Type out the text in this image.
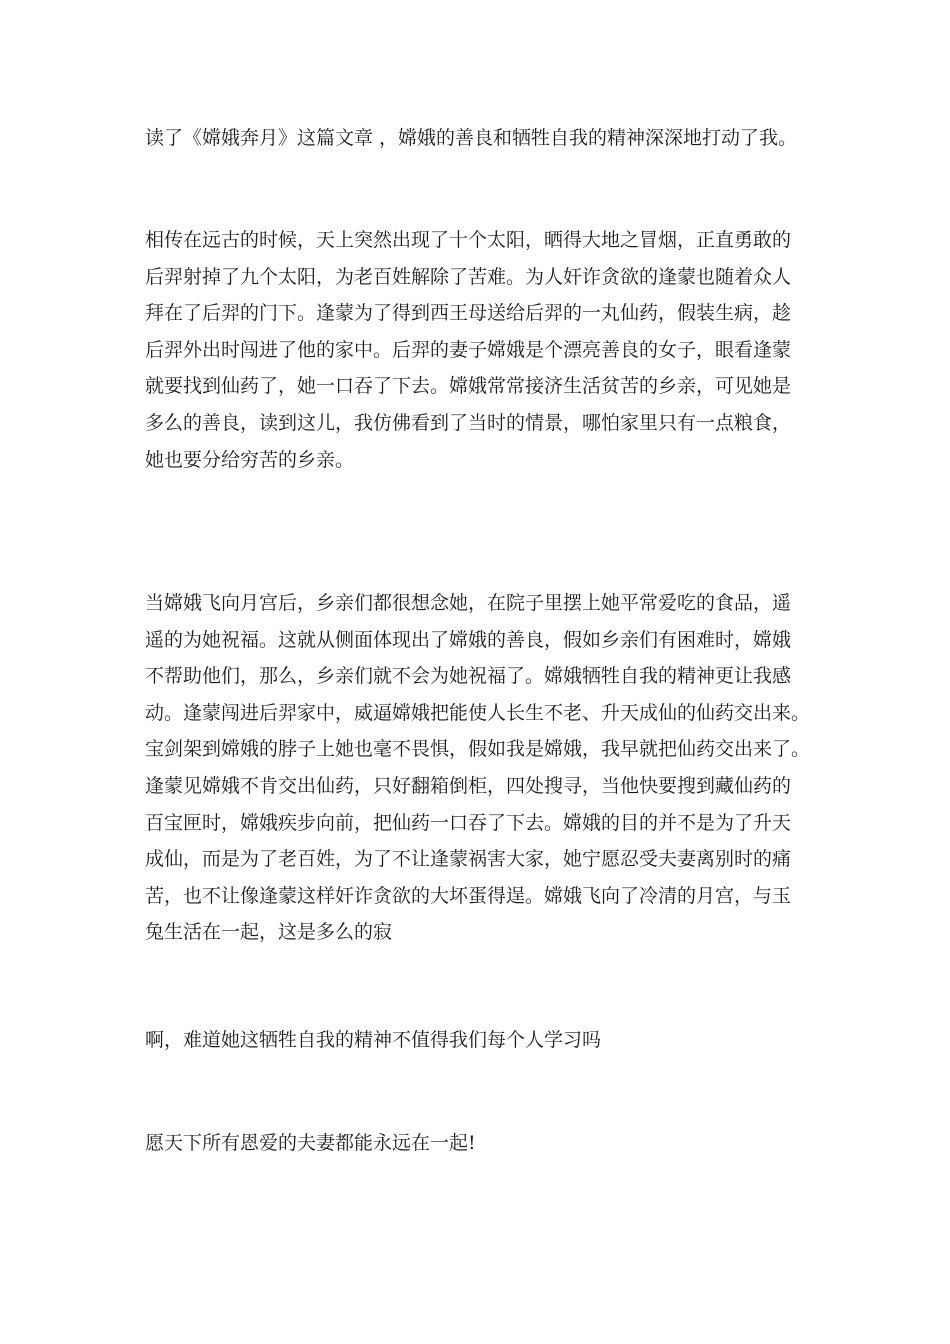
读了《嫦娥奔月》这篇文章 ，嫦娥的善良和牺牲自我的精神深深地打动了我。

相传在远古的时候，天上突然出现了十个太阳，晒得大地之冒烟，正直勇敢的
后羿射掉了九个太阳，为老百姓解除了苦难。为人奸诈贪欲的逢蒙也随着众人
拜在了后羿的门下。逢蒙为了得到西王母送给后羿的一丸仙药，假装生病，趁
后羿外出时闯进了他的家中。后羿的妻子嫦娥是个漂亮善良的女子，眼看逢蒙
就要找到仙药了，她一口吞了下去。嫦娥常常接济生活贫苦的乡亲，可见她是
多么的善良，读到这儿，我仿佛看到了当时的情景，哪怕家里只有一点粮食，
她也要分给穷苦的乡亲。

当嫦娥飞向月宫后，乡亲们都很想念她，在院子里摆上她平常爱吃的食品，遥
遥的为她祝福。这就从侧面体现出了嫦娥的善良，假如乡亲们有困难时，嫦娥
不帮助他们，那么，乡亲们就不会为她祝福了。嫦娥牺牲自我的精神更让我感
动。逢蒙闯进后羿家中，威逼嫦娥把能使人长生不老、升天成仙的仙药交出来。
宝剑架到嫦娥的脖子上她也毫不畏惧，假如我是嫦娥，我早就把仙药交出来了。
逢蒙见嫦娥不肯交出仙药，只好翻箱倒柜，四处搜寻，当他快要搜到藏仙药的
百宝匣时，嫦娥疾步向前，把仙药一口吞了下去。嫦娥的目的并不是为了升天
成仙，而是为了老百姓，为了不让逢蒙祸害大家，她宁愿忍受夫妻离别时的痛
苦，也不让像逢蒙这样奸诈贪欲的大坏蛋得逞。嫦娥飞向了冷清的月宫，与玉
兔生活在一起，这是多么的寂

啊，难道她这牺牲自我的精神不值得我们每个人学习吗

愿天下所有恩爱的夫妻都能永远在一起!
